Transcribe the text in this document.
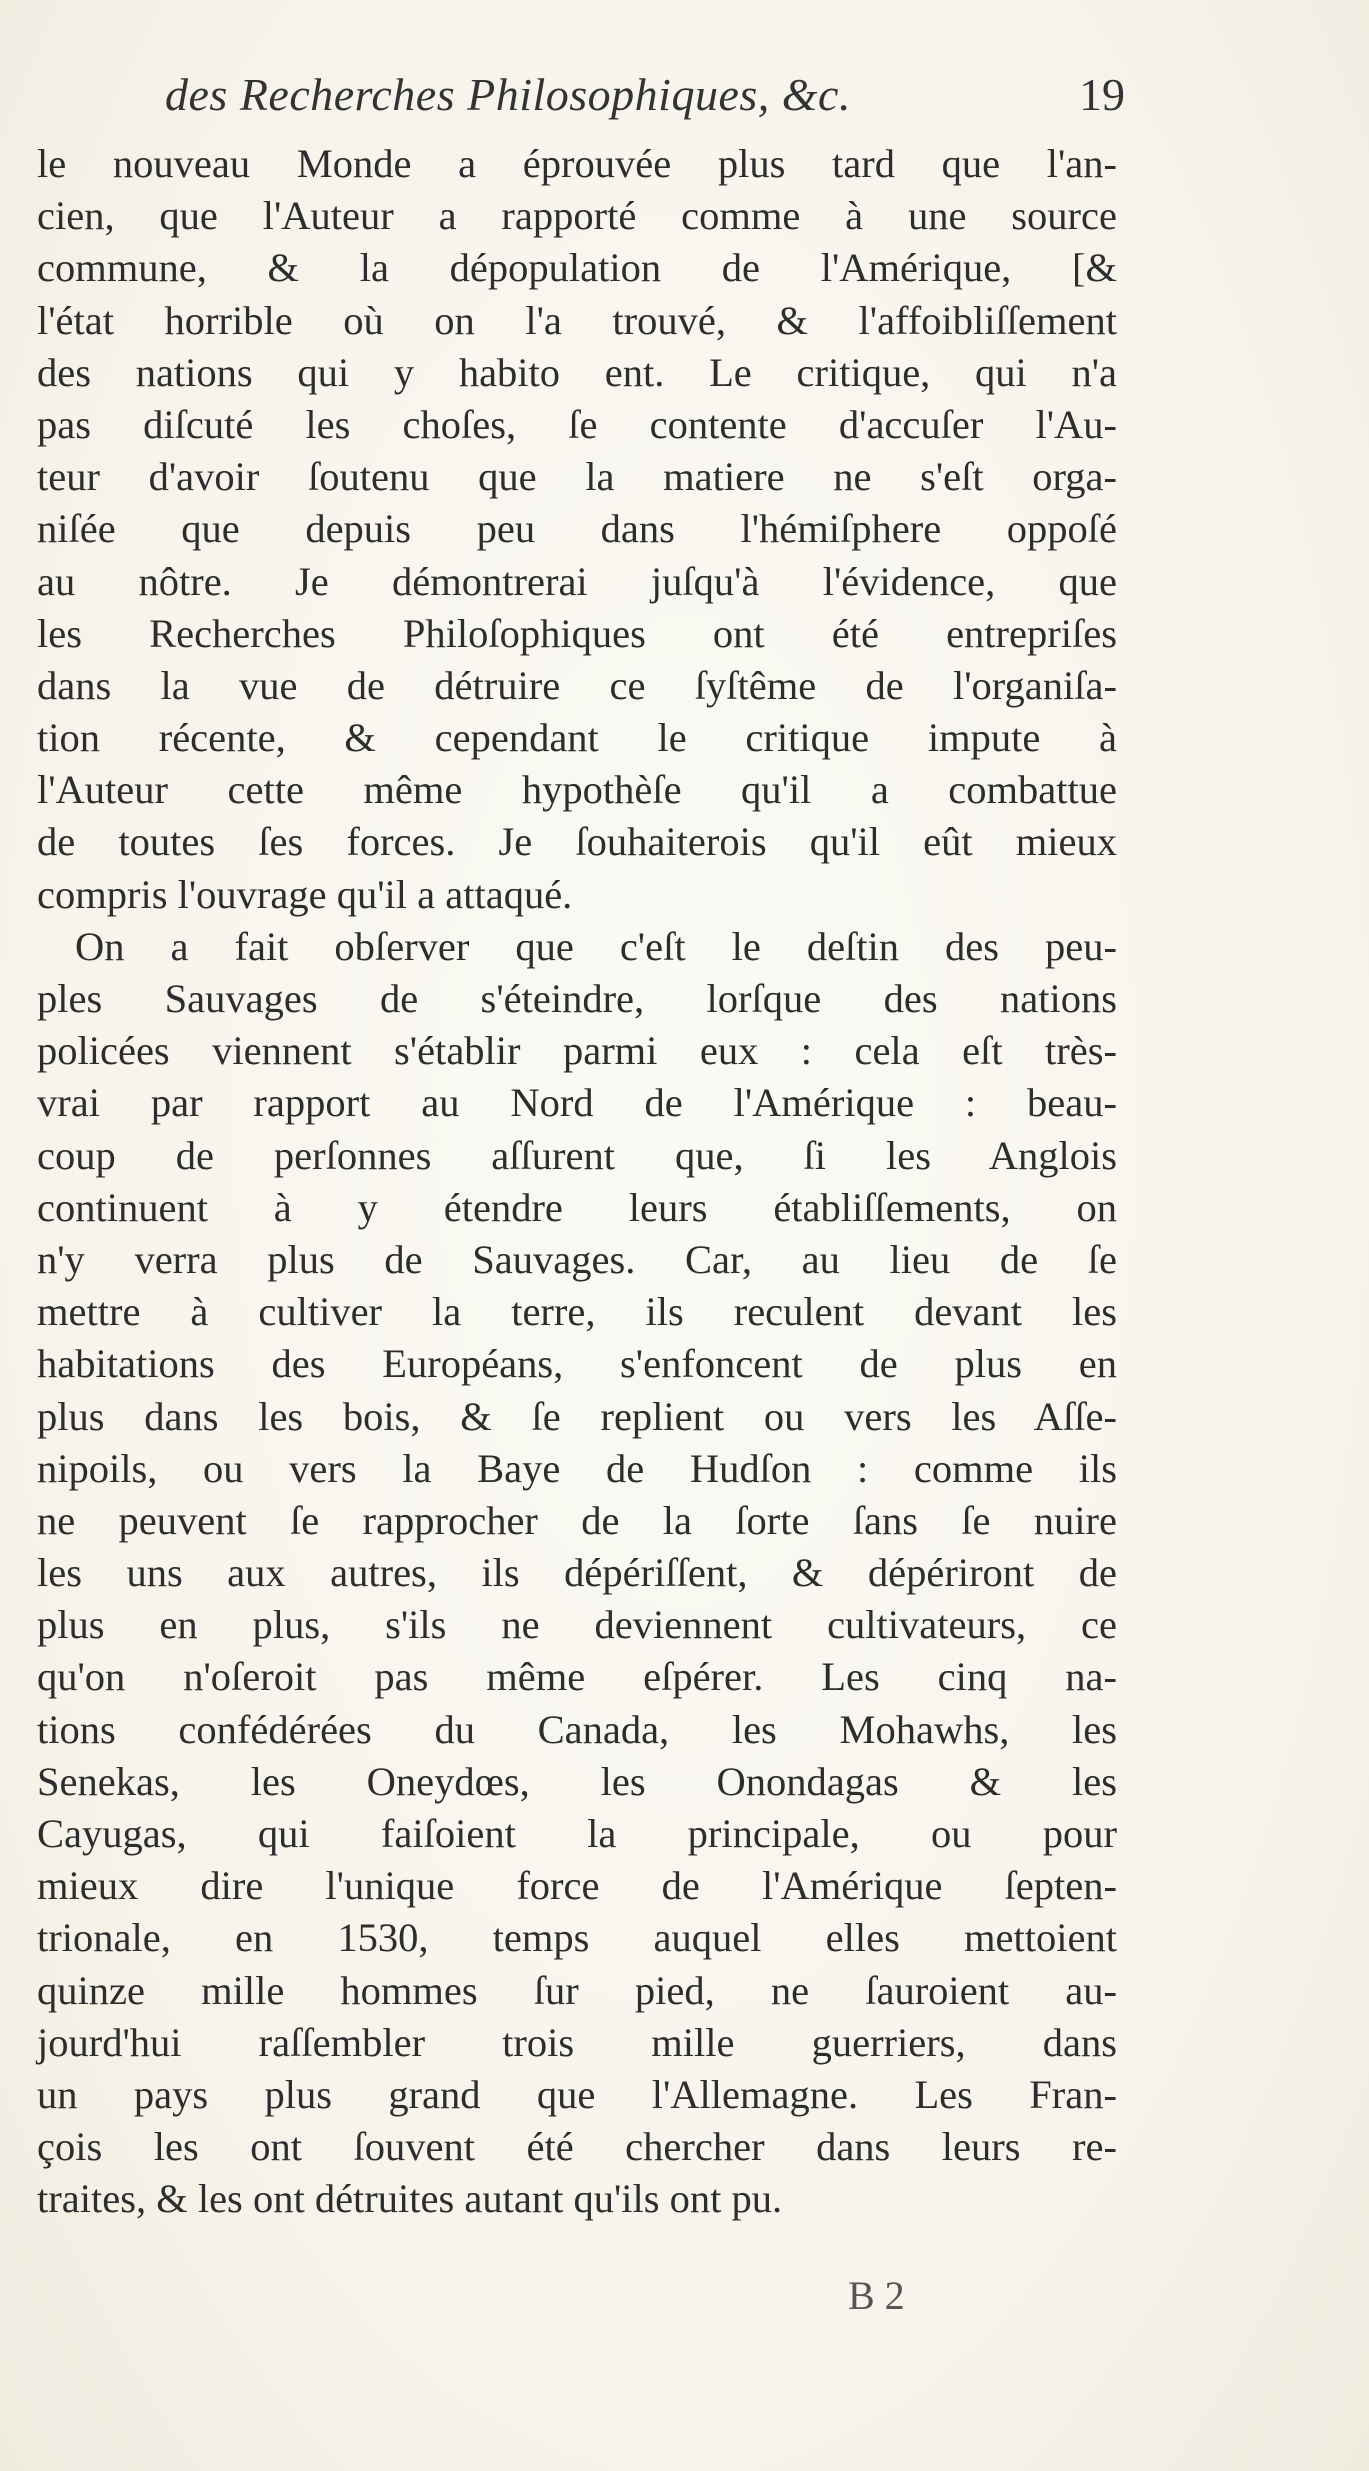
des Recherches Philosophiques, &c.	19
le nouveau Monde a éprouvée plus tard que l'an-
cien, que l'Auteur a rapporté comme à une source
commune, & la dépopulation de l'Amérique, [&
l'état horrible où on l'a trouvé, & l'affoibliſſement
des nations qui y habito ent. Le critique, qui n'a
pas diſcuté les choſes, ſe contente d'accuſer l'Au-
teur d'avoir ſoutenu que la matiere ne s'eſt orga-
niſée que depuis peu dans l'hémiſphere oppoſé
au nôtre. Je démontrerai juſqu'à l'évidence, que
les Recherches Philoſophiques ont été entrepriſes
dans la vue de détruire ce ſyſtême de l'organiſa-
tion récente, & cependant le critique impute à
l'Auteur cette même hypothèſe qu'il a combattue
de toutes ſes forces. Je ſouhaiterois qu'il eût mieux
compris l'ouvrage qu'il a attaqué.
On a fait obſerver que c'eſt le deſtin des peu-
ples Sauvages de s'éteindre, lorſque des nations
policées viennent s'établir parmi eux : cela eſt très-
vrai par rapport au Nord de l'Amérique : beau-
coup de perſonnes aſſurent que, ſi les Anglois
continuent à y étendre leurs établiſſements, on
n'y verra plus de Sauvages. Car, au lieu de ſe
mettre à cultiver la terre, ils reculent devant les
habitations des Européans, s'enfoncent de plus en
plus dans les bois, & ſe replient ou vers les Aſſe-
nipoils, ou vers la Baye de Hudſon : comme ils
ne peuvent ſe rapprocher de la ſorte ſans ſe nuire
les uns aux autres, ils dépériſſent, & dépériront de
plus en plus, s'ils ne deviennent cultivateurs, ce
qu'on n'oſeroit pas même eſpérer. Les cinq na-
tions confédérées du Canada, les Mohawhs, les
Senekas, les Oneydœs, les Onondagas & les
Cayugas, qui faiſoient la principale, ou pour
mieux dire l'unique force de l'Amérique ſepten-
trionale, en 1530, temps auquel elles mettoient
quinze mille hommes ſur pied, ne ſauroient au-
jourd'hui raſſembler trois mille guerriers, dans
un pays plus grand que l'Allemagne. Les Fran-
çois les ont ſouvent été chercher dans leurs re-
traites, & les ont détruites autant qu'ils ont pu.
B 2
